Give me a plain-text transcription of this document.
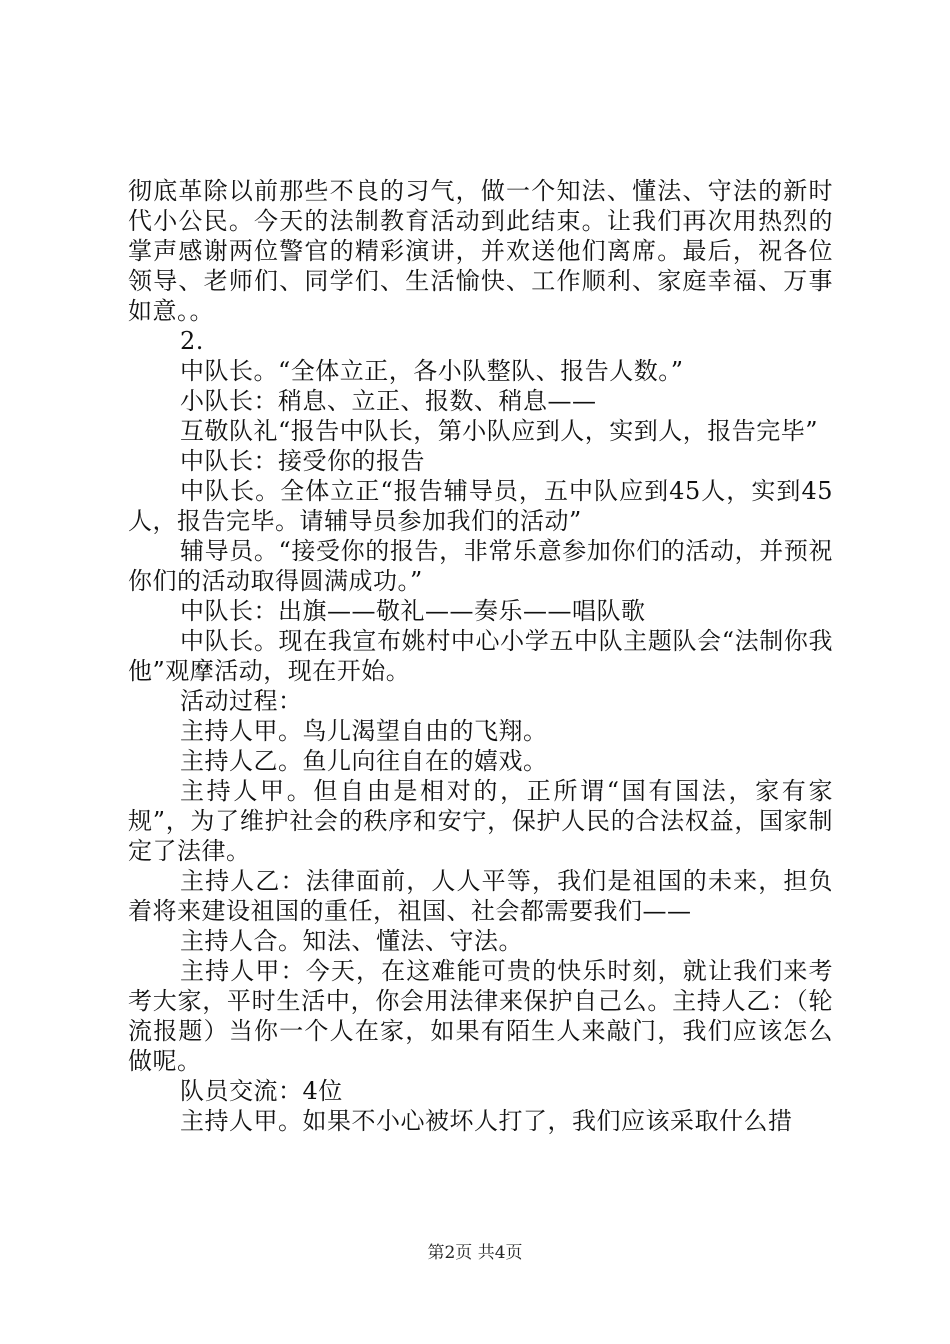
彻底革除以前那些不良的习气，做一个知法、懂法、守法的新时代小公民。今天的法制教育活动到此结束。让我们再次用热烈的掌声感谢两位警官的精彩演讲，并欢送他们离席。最后，祝各位领导、老师们、同学们、生活愉快、工作顺利、家庭幸福、万事如意。。

2.

中队长。“全体立正，各小队整队、报告人数。”

小队长：稍息、立正、报数、稍息——

互敬队礼“报告中队长，第小队应到人，实到人，报告完毕”

中队长：接受你的报告

中队长。全体立正“报告辅导员，五中队应到45人，实到45人，报告完毕。请辅导员参加我们的活动”

辅导员。“接受你的报告，非常乐意参加你们的活动，并预祝你们的活动取得圆满成功。”

中队长：出旗——敬礼——奏乐——唱队歌

中队长。现在我宣布姚村中心小学五中队主题队会“法制你我他”观摩活动，现在开始。

活动过程：

主持人甲。鸟儿渴望自由的飞翔。

主持人乙。鱼儿向往自在的嬉戏。

主持人甲。但自由是相对的，正所谓“国有国法，家有家规”，为了维护社会的秩序和安宁，保护人民的合法权益，国家制定了法律。

主持人乙：法律面前，人人平等，我们是祖国的未来，担负着将来建设祖国的重任，祖国、社会都需要我们——

主持人合。知法、懂法、守法。

主持人甲：今天，在这难能可贵的快乐时刻，就让我们来考考大家，平时生活中，你会用法律来保护自己么。主持人乙：（轮流报题）当你一个人在家，如果有陌生人来敲门，我们应该怎么做呢。

队员交流：4位

主持人甲。如果不小心被坏人打了，我们应该采取什么措

第2页 共4页
